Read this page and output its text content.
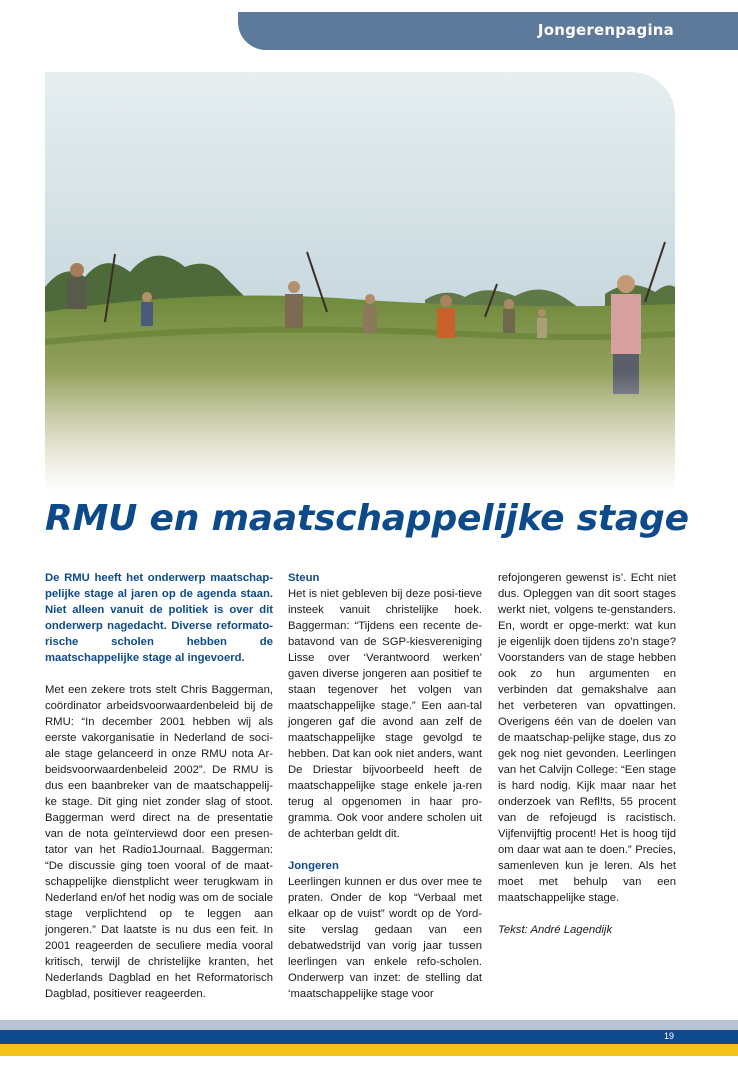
Jongerenpagina
RMU en maatschappelijke stage

De RMU heeft het onderwerp maatschap-pelijke stage al jaren op de agenda staan. Niet alleen vanuit de politiek is over dit onderwerp nagedacht. Diverse reformato-rische scholen hebben de maatschappelijke stage al ingevoerd.

Met een zekere trots stelt Chris Baggerman, coördinator arbeidsvoorwaardenbeleid bij de RMU: “In december 2001 hebben wij als eerste vakorganisatie in Nederland de soci-ale stage gelanceerd in onze RMU nota Ar-beidsvoorwaardenbeleid 2002”. De RMU is dus een baanbreker van de maatschappelij-ke stage. Dit ging niet zonder slag of stoot. Baggerman werd direct na de presentatie van de nota geïnterviewd door een presen-tator van het Radio1Journaal. Baggerman: “De discussie ging toen vooral of de maat-schappelijke dienstplicht weer terugkwam in Nederland en/of het nodig was om de sociale stage verplichtend op te leggen aan jongeren.” Dat laatste is nu dus een feit. In 2001 reageerden de seculiere media vooral kritisch, terwijl de christelijke kranten, het Nederlands Dagblad en het Reformatorisch Dagblad, positiever reageerden.

Steun

Het is niet gebleven bij deze posi-tieve insteek vanuit christelijke hoek. Baggerman: “Tijdens een recente de-batavond van de SGP-kiesvereniging Lisse over ‘Verantwoord werken’ gaven diverse jongeren aan positief te staan tegenover het volgen van maatschappelijke stage.” Een aan-tal jongeren gaf die avond aan zelf de maatschappelijke stage gevolgd te hebben. Dat kan ook niet anders, want De Driestar bijvoorbeeld heeft de maatschappelijke stage enkele ja-ren terug al opgenomen in haar pro-gramma. Ook voor andere scholen uit de achterban geldt dit.

Jongeren

Leerlingen kunnen er dus over mee te praten. Onder de kop “Verbaal met elkaar op de vuist” wordt op de Yord-site verslag gedaan van een debatwedstrijd van vorig jaar tussen leerlingen van enkele refo-scholen. Onderwerp van inzet: de stelling dat ‘maatschappelijke stage voor

refojongeren gewenst is’. Echt niet dus. Opleggen van dit soort stages werkt niet, volgens te-genstanders. En, wordt er opge-merkt: wat kun je eigenlijk doen tijdens zo’n stage? Voorstanders van de stage hebben ook zo hun argumenten en verbinden dat gemakshalve aan het verbeteren van opvattingen. Overigens één van de doelen van de maatschap-pelijke stage, dus zo gek nog niet gevonden. Leerlingen van het Calvijn College: “Een stage is hard nodig. Kijk maar naar het onderzoek van Refl!ts, 55 procent van de refojeugd is racistisch. Vijfenvijftig procent! Het is hoog tijd om daar wat aan te doen.” Precies, samenleven kun je leren. Als het moet met behulp van een maatschappelijke stage.

Tekst: André Lagendijk

19
